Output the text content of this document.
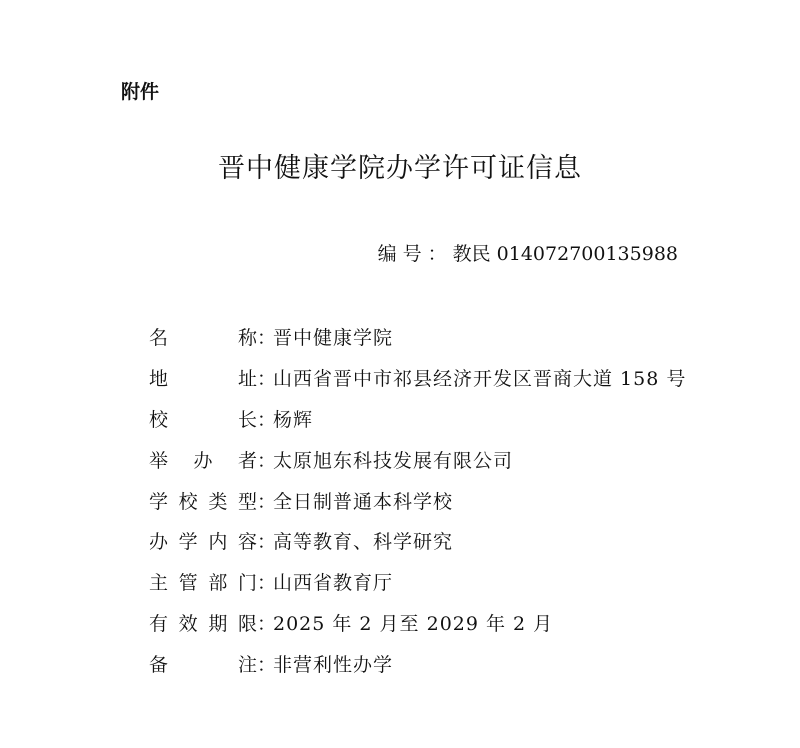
附件
晋中健康学院办学许可证信息
编号：教民 014072700135988
名	称 ：
晋中健康学院
地	址 ：
山西省晋中市祁县经济开发区晋商大道 158 号
校	长 ：
杨辉
举 办 者 ：
太原旭东科技发展有限公司
学 校 类 型 ：
全日制普通本科学校
办 学 内 容 ：
高等教育、科学研究
主 管 部 门 ：
山西省教育厅
有 效 期 限 ：
2025 年 2 月至 2029 年 2 月
备	注 ：
非营利性办学
